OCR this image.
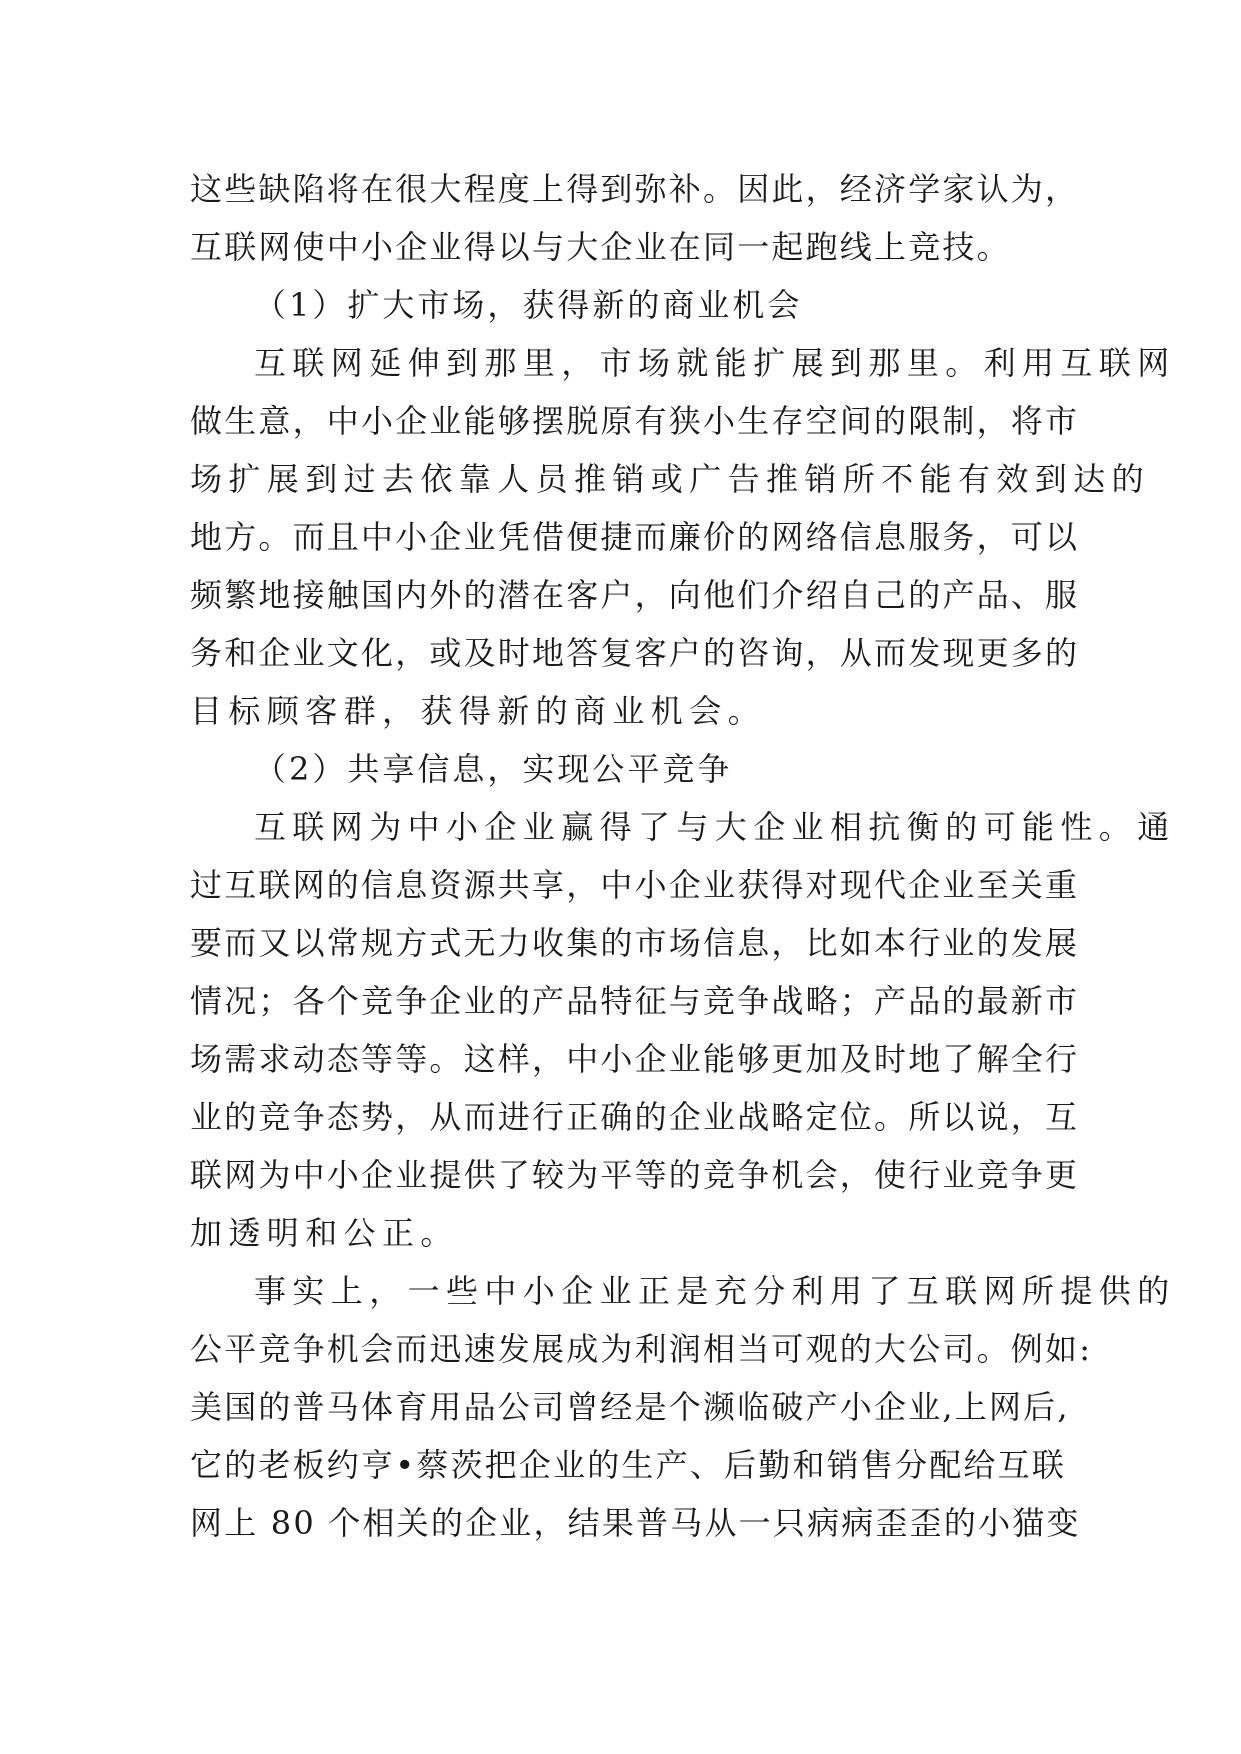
这些缺陷将在很大程度上得到弥补。因此，经济学家认为，
互联网使中小企业得以与大企业在同一起跑线上竞技。
（1）扩大市场，获得新的商业机会
互联网延伸到那里，市场就能扩展到那里。利用互联网
做生意，中小企业能够摆脱原有狭小生存空间的限制，将市
场扩展到过去依靠人员推销或广告推销所不能有效到达的
地方。而且中小企业凭借便捷而廉价的网络信息服务，可以
频繁地接触国内外的潜在客户，向他们介绍自己的产品、服
务和企业文化，或及时地答复客户的咨询，从而发现更多的
目标顾客群，获得新的商业机会。
（2）共享信息，实现公平竞争
互联网为中小企业赢得了与大企业相抗衡的可能性。通
过互联网的信息资源共享，中小企业获得对现代企业至关重
要而又以常规方式无力收集的市场信息，比如本行业的发展
情况；各个竞争企业的产品特征与竞争战略；产品的最新市
场需求动态等等。这样，中小企业能够更加及时地了解全行
业的竞争态势，从而进行正确的企业战略定位。所以说，互
联网为中小企业提供了较为平等的竞争机会，使行业竞争更
加透明和公正。
事实上，一些中小企业正是充分利用了互联网所提供的
公平竞争机会而迅速发展成为利润相当可观的大公司。例如:
美国的普马体育用品公司曾经是个濒临破产小企业,上网后,
它的老板约亨•蔡茨把企业的生产、后勤和销售分配给互联
网上 80 个相关的企业，结果普马从一只病病歪歪的小猫变
